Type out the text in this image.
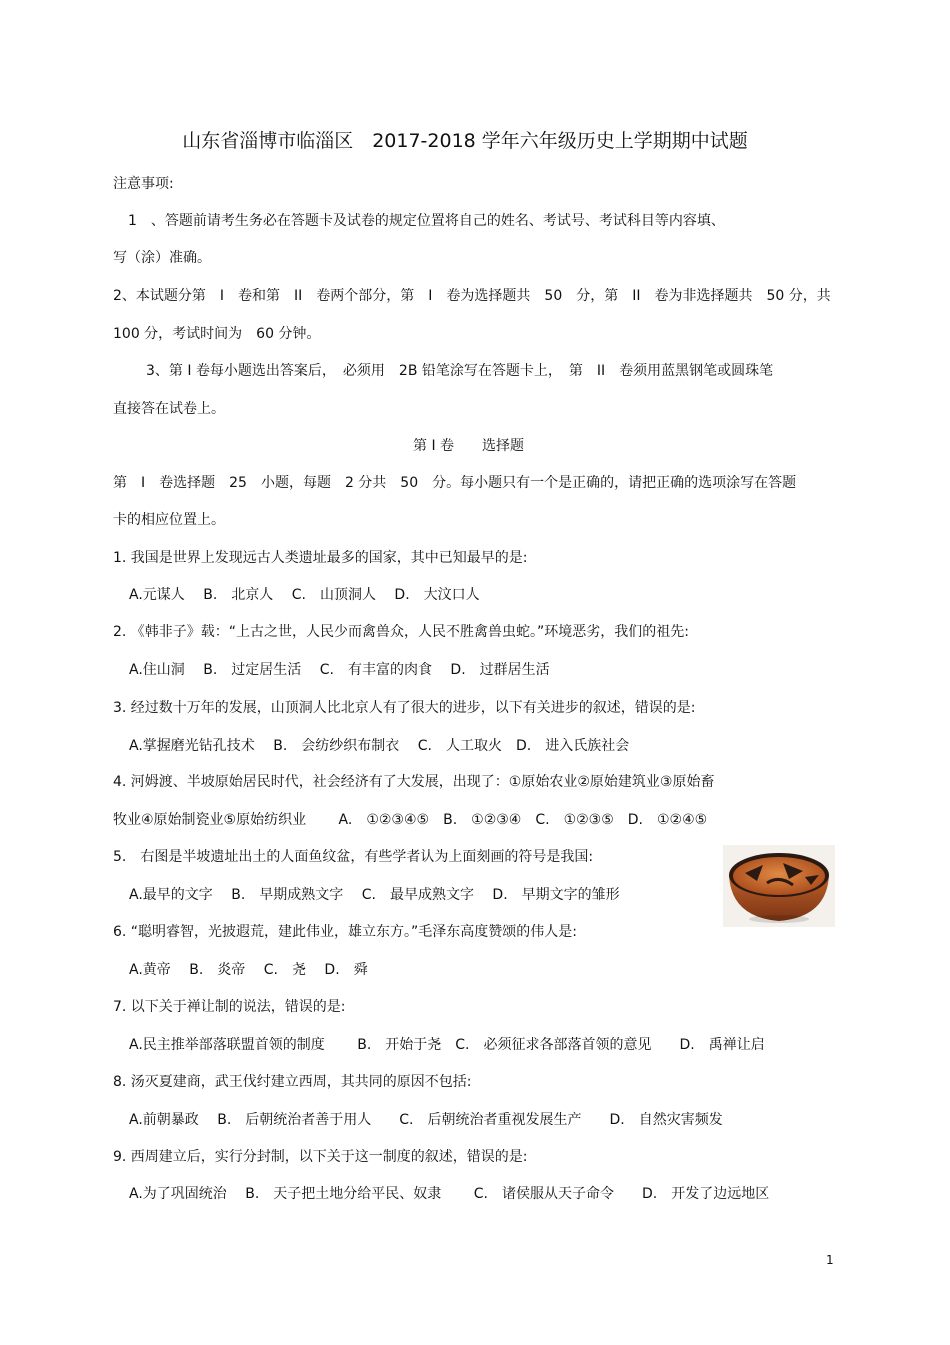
山东省淄博市临淄区　2017-2018 学年六年级历史上学期期中试题

注意事项:

1　、答题前请考生务必在答题卡及试卷的规定位置将自己的姓名、考试号、考试科目等内容填、

写（涂）准确。

2、本试题分第　I　卷和第　II　卷两个部分，第　I　卷为选择题共　50　分，第　II　卷为非选择题共　50 分，共

100 分，考试时间为　60 分钟。

3、第 I 卷每小题选出答案后，　必须用　2B 铅笔涂写在答题卡上，　第　II　卷须用蓝黑钢笔或圆珠笔

直接答在试卷上。

第 I 卷　　选择题

第　I　卷选择题　25　小题，每题　2 分共　50　分。每小题只有一个是正确的，请把正确的选项涂写在答题

卡的相应位置上。

1. 我国是世界上发现远古人类遗址最多的国家，其中已知最早的是:

A.元谋人　 B.　北京人　 C.　山顶洞人　 D.　大汶口人

2. 《韩非子》载：“上古之世，人民少而禽兽众，人民不胜禽兽虫蛇。”环境恶劣，我们的祖先:

A.住山洞　 B.　过定居生活　 C.　有丰富的肉食　 D.　过群居生活

3. 经过数十万年的发展，山顶洞人比北京人有了很大的进步，以下有关进步的叙述，错误的是:

A.掌握磨光钻孔技术　 B.　会纺纱织布制衣　 C.　人工取火　D.　进入氏族社会

4. 河姆渡、半坡原始居民时代，社会经济有了大发展，出现了：①原始农业②原始建筑业③原始畜

牧业④原始制瓷业⑤原始纺织业　　 A.　①②③④⑤　B.　①②③④　C.　①②③⑤　D.　①②④⑤

5.　右图是半坡遗址出土的人面鱼纹盆，有些学者认为上面刻画的符号是我国:

A.最早的文字　 B.　早期成熟文字　 C.　最早成熟文字　 D.　早期文字的雏形

6. “聪明睿智，光披遐荒，建此伟业，雄立东方。”毛泽东高度赞颂的伟人是:

A.黄帝　 B.　炎帝　 C.　尧　 D.　舜

7. 以下关于禅让制的说法，错误的是:

A.民主推举部落联盟首领的制度　　 B.　开始于尧　C.　必须征求各部落首领的意见　　D.　禹禅让启

8. 汤灭夏建商，武王伐纣建立西周，其共同的原因不包括:

A.前朝暴政　 B.　后朝统治者善于用人　　C.　后朝统治者重视发展生产　　D.　自然灾害频发

9. 西周建立后，实行分封制，以下关于这一制度的叙述，错误的是:

A.为了巩固统治　 B.　天子把土地分给平民、奴隶　　 C.　诸侯服从天子命令　　D.　开发了边远地区

1
